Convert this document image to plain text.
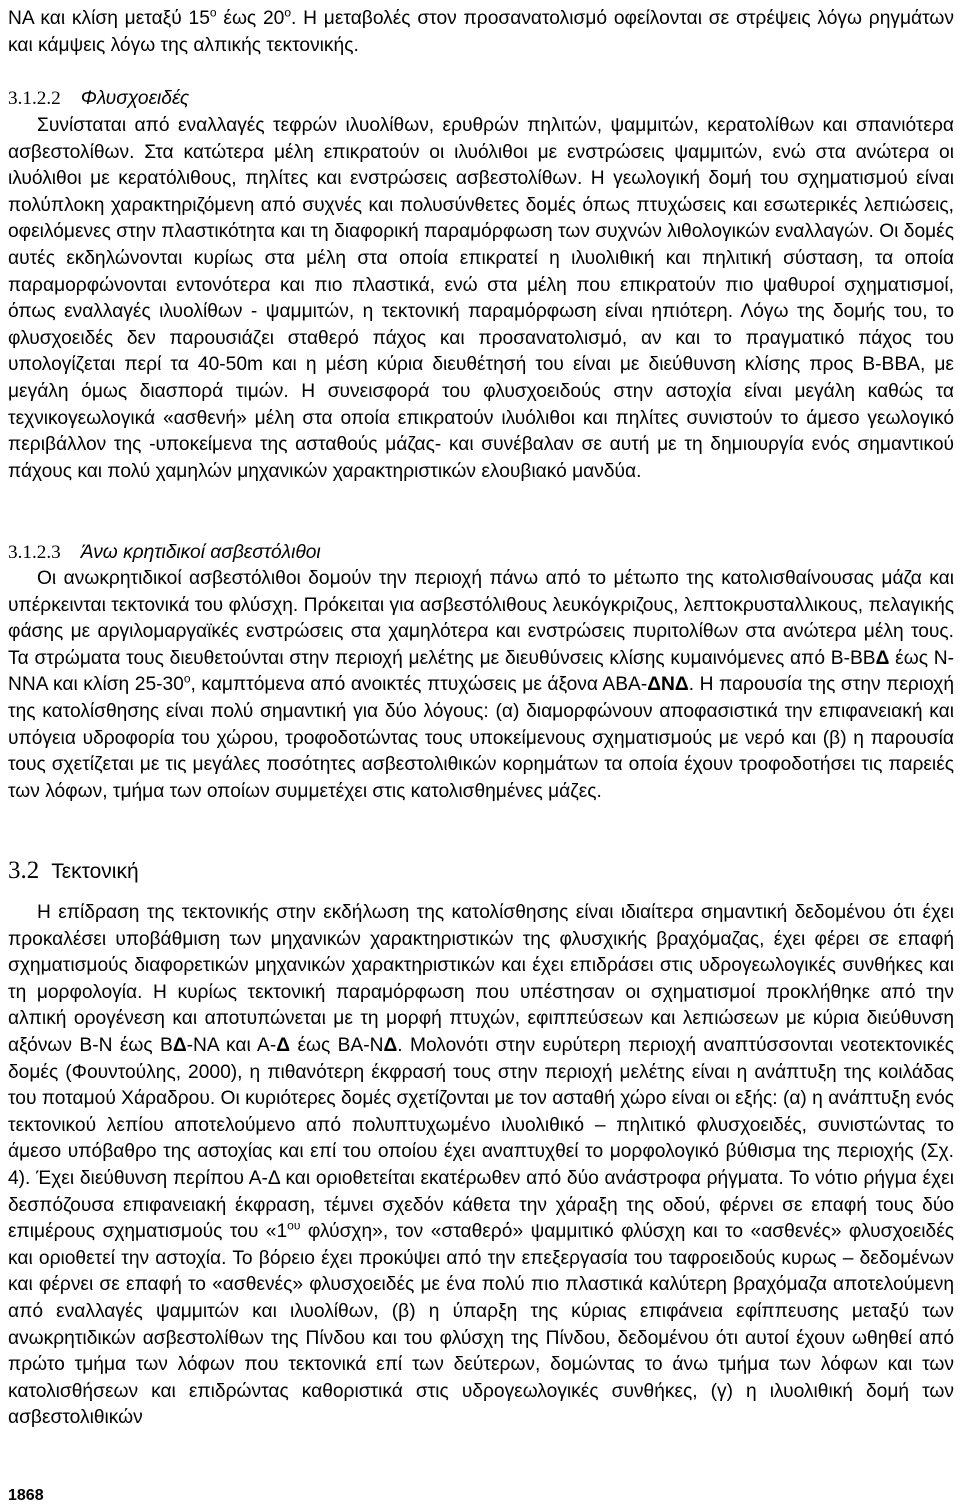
ΝΑ και κλίση μεταξύ $15^o$ έως $20^o$. Η μεταβολές στον προσανατολισμό οφείλονται σε στρέψεις λόγω ρηγμάτων και κάμψεις λόγω της αλπικής τεκτονικής.

3.1.2.2 Φλυσχοειδές

Συνίσταται από εναλλαγές τεφρών ιλυολίθων, ερυθρών πηλιτών, ψαμμιτών, κερατολίθων και σπανιότερα ασβεστολίθων. Στα κατώτερα μέλη επικρατούν οι ιλυόλιθοι με ενστρώσεις ψαμμιτών, ενώ στα ανώτερα οι ιλυόλιθοι με κερατόλιθους, πηλίτες και ενστρώσεις ασβεστολίθων. Η γεωλογική δομή του σχηματισμού είναι πολύπλοκη χαρακτηριζόμενη από συχνές και πολυσύνθετες δομές όπως πτυχώσεις και εσωτερικές λεπιώσεις, οφειλόμενες στην πλαστικότητα και τη διαφορική παραμόρφωση των συχνών λιθολογικών εναλλαγών. Οι δομές αυτές εκδηλώνονται κυρίως στα μέλη στα οποία επικρατεί η ιλυολιθική και πηλιτική σύσταση, τα οποία παραμορφώνονται εντονότερα και πιο πλαστικά, ενώ στα μέλη που επικρατούν πιο ψαθυροί σχηματισμοί, όπως εναλλαγές ιλυολίθων - ψαμμιτών, η τεκτονική παραμόρφωση είναι ηπιότερη. Λόγω της δομής του, το φλυσχοειδές δεν παρουσιάζει σταθερό πάχος και προσανατολισμό, αν και το πραγματικό πάχος του υπολογίζεται περί τα 40-50m και η μέση κύρια διευθέτησή του είναι με διεύθυνση κλίσης προς Β-ΒΒΑ, με μεγάλη όμως διασπορά τιμών. Η συνεισφορά του φλυσχοειδούς στην αστοχία είναι μεγάλη καθώς τα τεχνικογεωλογικά «ασθενή» μέλη στα οποία επικρατούν ιλυόλιθοι και πηλίτες συνιστούν το άμεσο γεωλογικό περιβάλλον της -υποκείμενα της ασταθούς μάζας- και συνέβαλαν σε αυτή με τη δημιουργία ενός σημαντικού πάχους και πολύ χαμηλών μηχανικών χαρακτηριστικών ελουβιακό μανδύα.

3.1.2.3 Άνω κρητιδικοί ασβεστόλιθοι

Οι ανωκρητιδικοί ασβεστόλιθοι δομούν την περιοχή πάνω από το μέτωπο της κατολισθαίνουσας μάζα και υπέρκεινται τεκτονικά του φλύσχη. Πρόκειται για ασβεστόλιθους λευκόγκριζους, λεπτοκρυσταλλικους, πελαγικής φάσης με αργιλομαργαϊκές ενστρώσεις στα χαμηλότερα και ενστρώσεις πυριτολίθων στα ανώτερα μέλη τους. Τα στρώματα τους διευθετούνται στην περιοχή μελέτης με διευθύνσεις κλίσης κυμαινόμενες από Β-ΒΒΔ έως Ν-ΝΝΑ και κλίση $25-30^o$, καμπτόμενα από ανοικτές πτυχώσεις με άξονα ΑΒΑ-ΔΝΔ. Η παρουσία της στην περιοχή της κατολίσθησης είναι πολύ σημαντική για δύο λόγους: (α) διαμορφώνουν αποφασιστικά την επιφανειακή και υπόγεια υδροφορία του χώρου, τροφοδοτώντας τους υποκείμενους σχηματισμούς με νερό και (β) η παρουσία τους σχετίζεται με τις μεγάλες ποσότητες ασβεστολιθικών κορημάτων τα οποία έχουν τροφοδοτήσει τις παρειές των λόφων, τμήμα των οποίων συμμετέχει στις κατολισθημένες μάζες.

3.2 Τεκτονική

Η επίδραση της τεκτονικής στην εκδήλωση της κατολίσθησης είναι ιδιαίτερα σημαντική δεδομένου ότι έχει προκαλέσει υποβάθμιση των μηχανικών χαρακτηριστικών της φλυσχικής βραχόμαζας, έχει φέρει σε επαφή σχηματισμούς διαφορετικών μηχανικών χαρακτηριστικών και έχει επιδράσει στις υδρογεωλογικές συνθήκες και τη μορφολογία. Η κυρίως τεκτονική παραμόρφωση που υπέστησαν οι σχηματισμοί προκλήθηκε από την αλπική ορογένεση και αποτυπώνεται με τη μορφή πτυχών, εφιππεύσεων και λεπιώσεων με κύρια διεύθυνση αξόνων Β-Ν έως ΒΔ-ΝΑ και Α-Δ έως ΒΑ-ΝΔ. Μολονότι στην ευρύτερη περιοχή αναπτύσσονται νεοτεκτονικές δομές (Φουντούλης, 2000), η πιθανότερη έκφρασή τους στην περιοχή μελέτης είναι η ανάπτυξη της κοιλάδας του ποταμού Χάραδρου. Οι κυριότερες δομές σχετίζονται με τον ασταθή χώρο είναι οι εξής: (α) η ανάπτυξη ενός τεκτονικού λεπίου αποτελούμενο από πολυπτυχωμένο ιλυολιθικό – πηλιτικό φλυσχοειδές, συνιστώντας το άμεσο υπόβαθρο της αστοχίας και επί του οποίου έχει αναπτυχθεί το μορφολογικό βύθισμα της περιοχής (Σχ. 4). Έχει διεύθυνση περίπου Α-Δ και οριοθετείται εκατέρωθεν από δύο ανάστροφα ρήγματα. Το νότιο ρήγμα έχει δεσπόζουσα επιφανειακή έκφραση, τέμνει σχεδόν κάθετα την χάραξη της οδού, φέρνει σε επαφή τους δύο επιμέρους σχηματισμούς του «$1^{o\upsilon}$ φλύσχη», τον «σταθερό» ψαμμιτικό φλύσχη και το «ασθενές» φλυσχοειδές και οριοθετεί την αστοχία. Το βόρειο έχει προκύψει από την επεξεργασία του ταφροειδούς κυρως – δεδομένων και φέρνει σε επαφή το «ασθενές» φλυσχοειδές με ένα πολύ πιο πλαστικά καλύτερη βραχόμαζα αποτελούμενη από εναλλαγές ψαμμιτών και ιλυολίθων, (β) η ύπαρξη της κύριας επιφάνεια εφίππευσης μεταξύ των ανωκρητιδικών ασβεστολίθων της Πίνδου και του φλύσχη της Πίνδου, δεδομένου ότι αυτοί έχουν ωθηθεί από πρώτο τμήμα των λόφων που τεκτονικά επί των δεύτερων, δομώντας το άνω τμήμα των λόφων και των κατολισθήσεων και επιδρώντας καθοριστικά στις υδρογεωλογικές συνθήκες, (γ) η ιλυολιθική δομή των ασβεστολιθικών

1868
